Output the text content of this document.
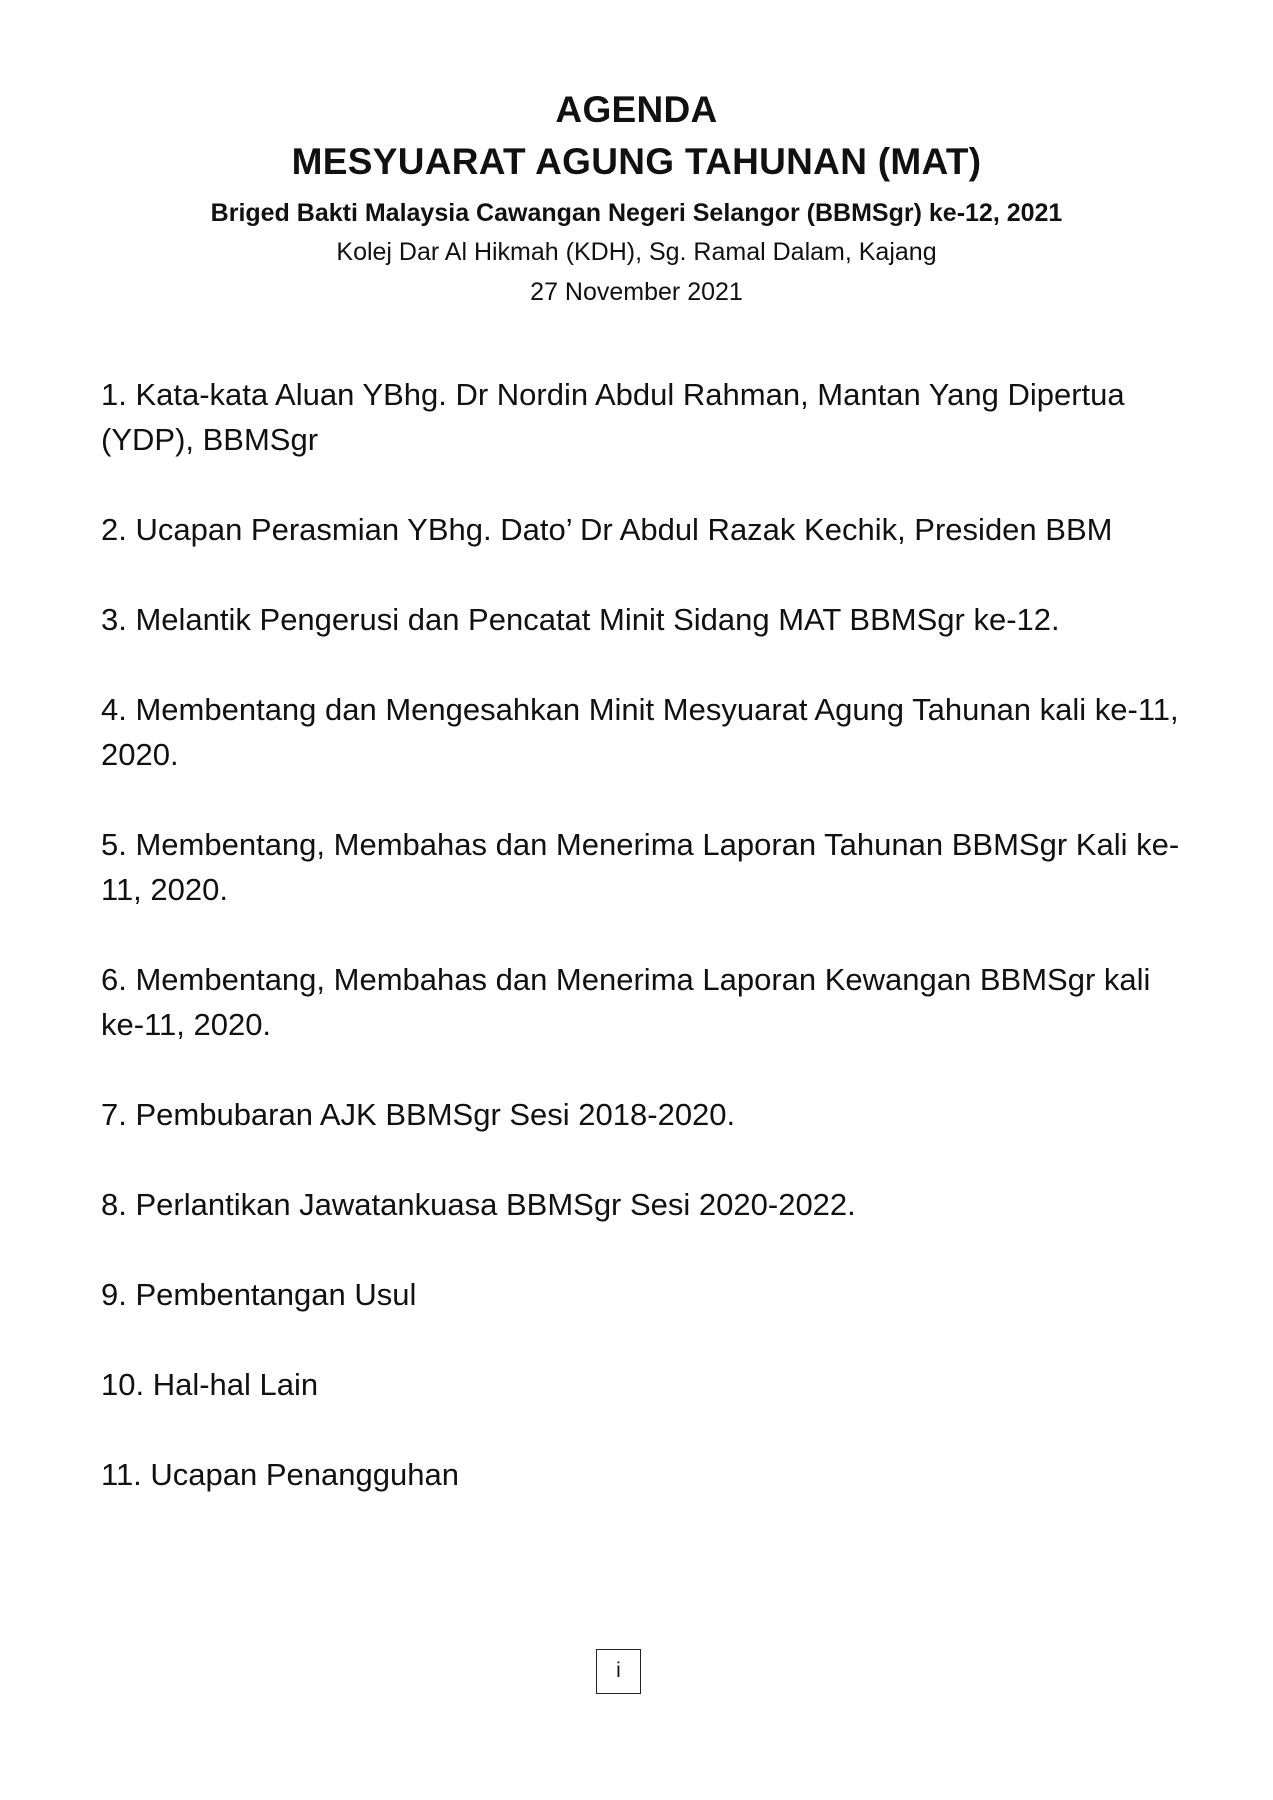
AGENDA
MESYUARAT AGUNG TAHUNAN (MAT)
Briged Bakti Malaysia Cawangan Negeri Selangor (BBMSgr) ke-12, 2021
Kolej Dar Al Hikmah (KDH), Sg. Ramal Dalam, Kajang
27 November 2021
1. Kata-kata Aluan YBhg. Dr Nordin Abdul Rahman, Mantan Yang Dipertua (YDP), BBMSgr
2. Ucapan Perasmian YBhg. Dato’ Dr Abdul Razak Kechik, Presiden BBM
3. Melantik Pengerusi dan Pencatat Minit Sidang MAT BBMSgr ke-12.
4. Membentang dan Mengesahkan Minit Mesyuarat Agung Tahunan kali ke-11, 2020.
5. Membentang, Membahas dan Menerima Laporan Tahunan BBMSgr Kali ke-11, 2020.
6. Membentang, Membahas dan Menerima Laporan Kewangan BBMSgr kali ke-11, 2020.
7. Pembubaran AJK BBMSgr Sesi 2018-2020.
8. Perlantikan Jawatankuasa BBMSgr Sesi 2020-2022.
9. Pembentangan Usul
10. Hal-hal Lain
11. Ucapan Penangguhan
i
